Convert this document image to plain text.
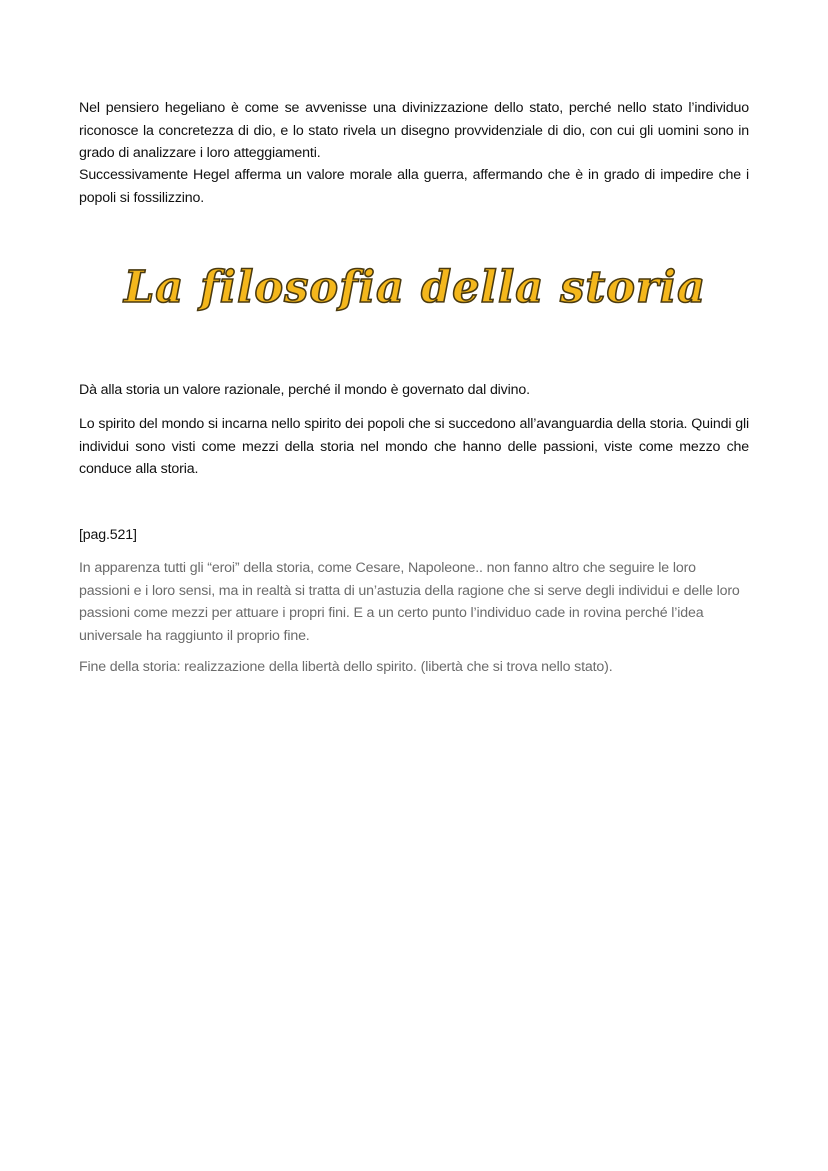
Nel pensiero hegeliano è come se avvenisse una divinizzazione dello stato, perché nello stato l’individuo riconosce la concretezza di dio, e lo stato rivela un disegno provvidenziale di dio, con cui gli uomini sono in grado di analizzare i loro atteggiamenti.

Successivamente Hegel afferma un valore morale alla guerra, affermando che è in grado di impedire che i popoli si fossilizzino.

La filosofia della storia

Dà alla storia un valore razionale, perché il mondo è governato dal divino.

Lo spirito del mondo si incarna nello spirito dei popoli che si succedono all’avanguardia della storia. Quindi gli individui sono visti come mezzi della storia nel mondo che hanno delle passioni, viste come mezzo che conduce alla storia.

[pag.521]

In apparenza tutti gli “eroi” della storia, come Cesare, Napoleone.. non fanno altro che seguire le loro passioni e i loro sensi, ma in realtà si tratta di un’astuzia della ragione che si serve degli individui e delle loro passioni come mezzi per attuare i propri fini. E a un certo punto l’individuo cade in rovina perché l’idea universale ha raggiunto il proprio fine.

Fine della storia: realizzazione della libertà dello spirito. (libertà che si trova nello stato).
